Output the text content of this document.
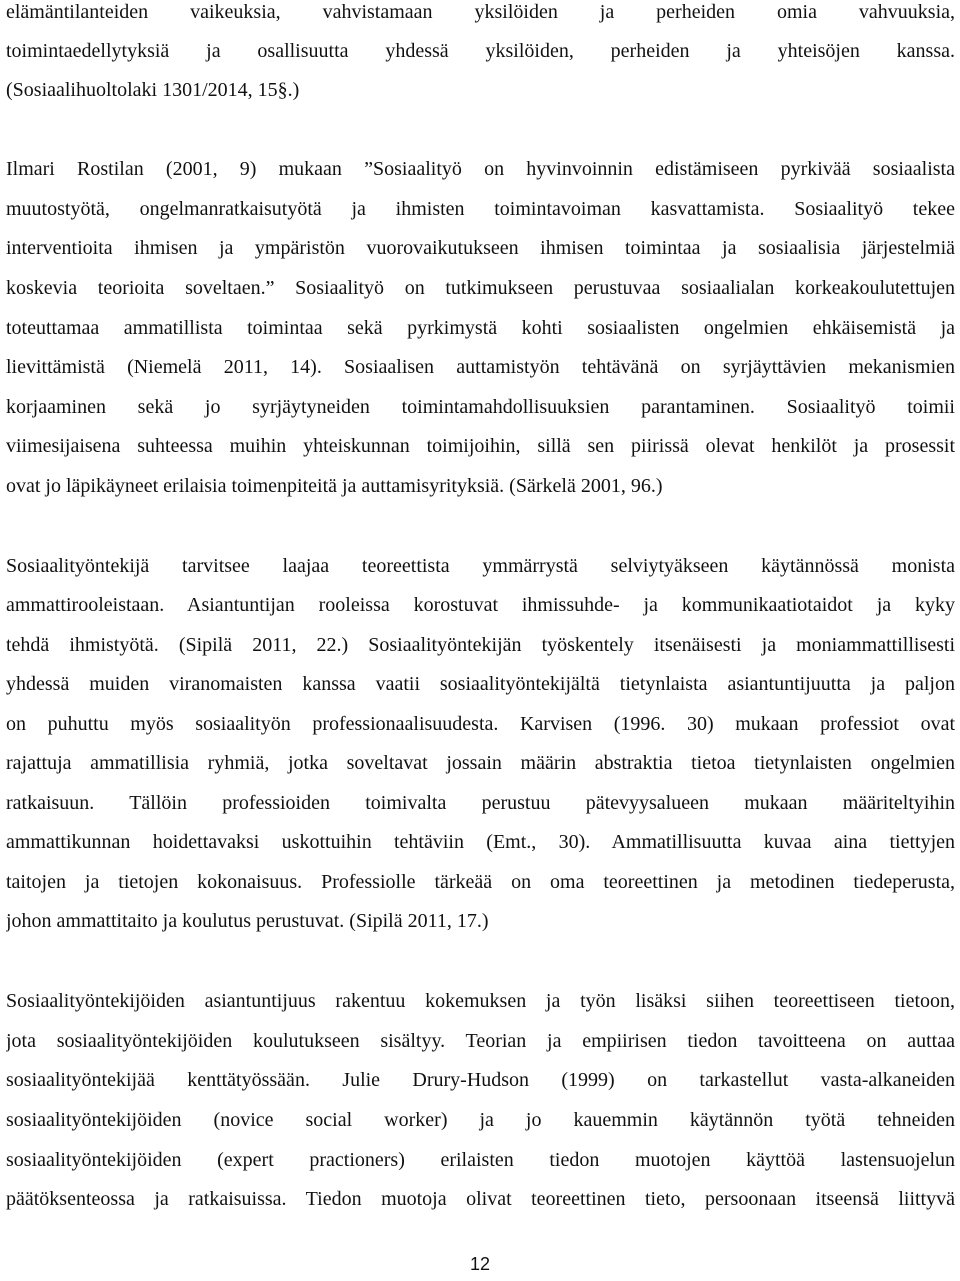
elämäntilanteiden vaikeuksia, vahvistamaan yksilöiden ja perheiden omia vahvuuksia,
toimintaedellytyksiä ja osallisuutta yhdessä yksilöiden, perheiden ja yhteisöjen kanssa.
(Sosiaalihuoltolaki 1301/2014, 15§.)
Ilmari Rostilan (2001, 9) mukaan ”Sosiaalityö on hyvinvoinnin edistämiseen pyrkivää sosiaalista
muutostyötä, ongelmanratkaisutyötä ja ihmisten toimintavoiman kasvattamista. Sosiaalityö tekee
interventioita ihmisen ja ympäristön vuorovaikutukseen ihmisen toimintaa ja sosiaalisia järjestelmiä
koskevia teorioita soveltaen.” Sosiaalityö on tutkimukseen perustuvaa sosiaalialan korkeakoulutettujen
toteuttamaa ammatillista toimintaa sekä pyrkimystä kohti sosiaalisten ongelmien ehkäisemistä ja
lievittämistä (Niemelä 2011, 14). Sosiaalisen auttamistyön tehtävänä on syrjäyttävien mekanismien
korjaaminen sekä jo syrjäytyneiden toimintamahdollisuuksien parantaminen. Sosiaalityö toimii
viimesijaisena suhteessa muihin yhteiskunnan toimijoihin, sillä sen piirissä olevat henkilöt ja prosessit
ovat jo läpikäyneet erilaisia toimenpiteitä ja auttamisyrityksiä. (Särkelä 2001, 96.)
Sosiaalityöntekijä tarvitsee laajaa teoreettista ymmärrystä selviytyäkseen käytännössä monista
ammattirooleistaan. Asiantuntijan rooleissa korostuvat ihmissuhde- ja kommunikaatiotaidot ja kyky
tehdä ihmistyötä. (Sipilä 2011, 22.) Sosiaalityöntekijän työskentely itsenäisesti ja moniammattillisesti
yhdessä muiden viranomaisten kanssa vaatii sosiaalityöntekijältä tietynlaista asiantuntijuutta ja paljon
on puhuttu myös sosiaalityön professionaalisuudesta. Karvisen (1996. 30) mukaan professiot ovat
rajattuja ammatillisia ryhmiä, jotka soveltavat jossain määrin abstraktia tietoa tietynlaisten ongelmien
ratkaisuun. Tällöin professioiden toimivalta perustuu pätevyysalueen mukaan määriteltyihin
ammattikunnan hoidettavaksi uskottuihin tehtäviin (Emt., 30). Ammatillisuutta kuvaa aina tiettyjen
taitojen ja tietojen kokonaisuus. Professiolle tärkeää on oma teoreettinen ja metodinen tiedeperusta,
johon ammattitaito ja koulutus perustuvat. (Sipilä 2011, 17.)
Sosiaalityöntekijöiden asiantuntijuus rakentuu kokemuksen ja työn lisäksi siihen teoreettiseen tietoon,
jota sosiaalityöntekijöiden koulutukseen sisältyy. Teorian ja empiirisen tiedon tavoitteena on auttaa
sosiaalityöntekijää kenttätyössään. Julie Drury-Hudson (1999) on tarkastellut vasta-alkaneiden
sosiaalityöntekijöiden (novice social worker) ja jo kauemmin käytännön työtä tehneiden
sosiaalityöntekijöiden (expert practioners) erilaisten tiedon muotojen käyttöä lastensuojelun
päätöksenteossa ja ratkaisuissa. Tiedon muotoja olivat teoreettinen tieto, persoonaan itseensä liittyvä
12
